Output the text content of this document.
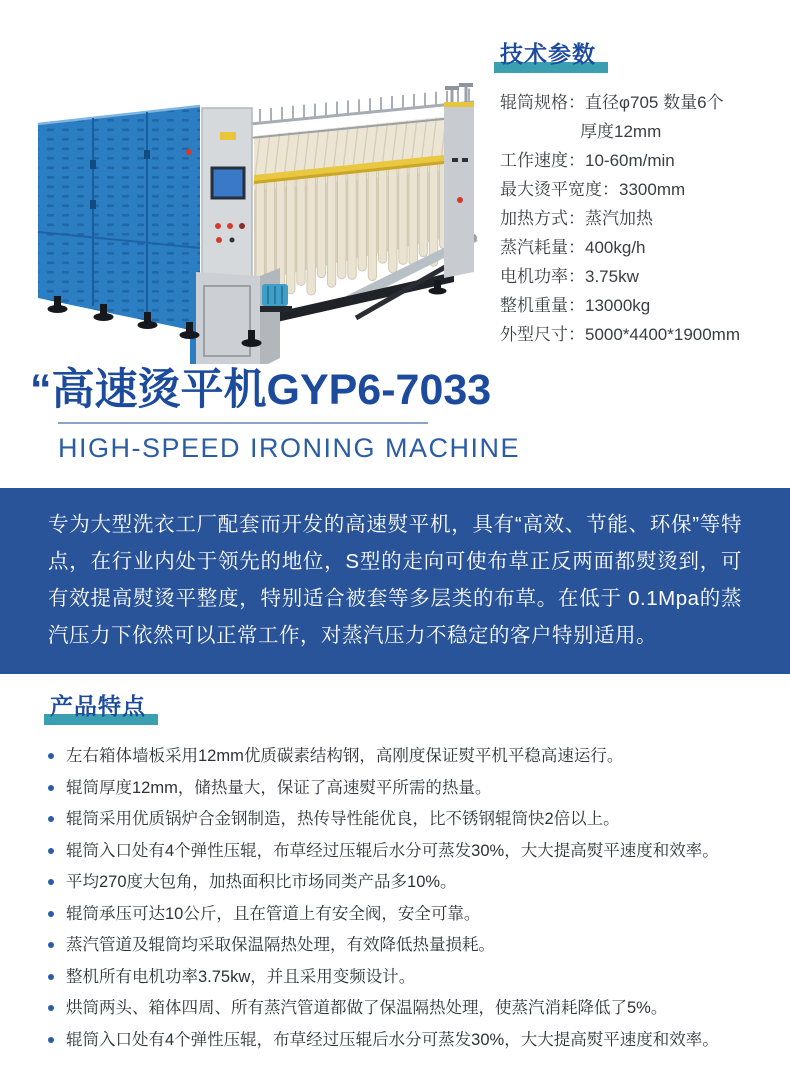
技术参数
辊筒规格：直径φ705 数量6个
厚度12mm
工作速度：10-60m/min
最大烫平宽度：3300mm
加热方式：蒸汽加热
蒸汽耗量：400kg/h
电机功率：3.75kw
整机重量：13000kg
外型尺寸：5000*4400*1900mm
“高速烫平机GYP6-7033
HIGH-SPEED IRONING MACHINE

专为大型洗衣工厂配套而开发的高速熨平机，具有“高效、节能、环保”等特点，在行业内处于领先的地位，S型的走向可使布草正反两面都熨烫到，可有效提高熨烫平整度，特别适合被套等多层类的布草。在低于 0.1Mpa的蒸汽压力下依然可以正常工作，对蒸汽压力不稳定的客户特别适用。

产品特点
左右箱体墙板采用12mm优质碳素结构钢，高刚度保证熨平机平稳高速运行。
辊筒厚度12mm，储热量大，保证了高速熨平所需的热量。
辊筒采用优质锅炉合金钢制造，热传导性能优良，比不锈钢辊筒快2倍以上。
辊筒入口处有4个弹性压辊，布草经过压辊后水分可蒸发30%，大大提高熨平速度和效率。
平均270度大包角，加热面积比市场同类产品多10%。
辊筒承压可达10公斤，且在管道上有安全阀，安全可靠。
蒸汽管道及辊筒均采取保温隔热处理，有效降低热量损耗。
整机所有电机功率3.75kw，并且采用变频设计。
烘筒两头、箱体四周、所有蒸汽管道都做了保温隔热处理，使蒸汽消耗降低了5%。
辊筒入口处有4个弹性压辊，布草经过压辊后水分可蒸发30%，大大提高熨平速度和效率。
